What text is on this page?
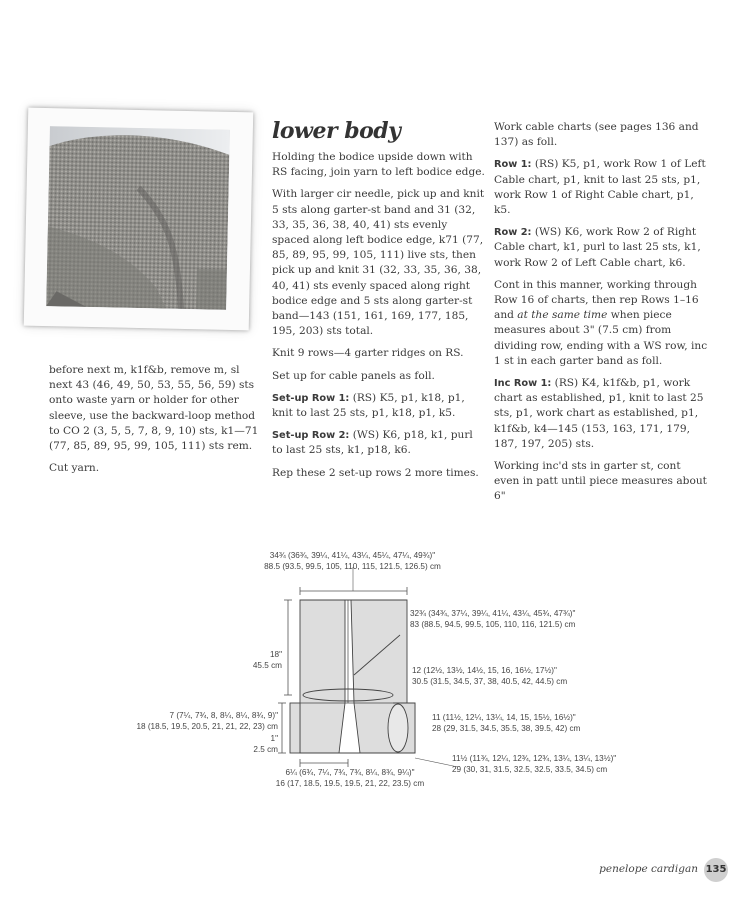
before next m, k1f&b, remove m, sl next 43 (46, 49, 50, 53, 55, 56, 59) sts onto waste yarn or holder for other sleeve, use the backward-loop method to CO 2 (3, 5, 5, 7, 8, 9, 10) sts, k1—71 (77, 85, 89, 95, 99, 105, 111) sts rem.

Cut yarn.

lower body

Holding the bodice upside down with RS facing, join yarn to left bodice edge.

With larger cir needle, pick up and knit 5 sts along garter-st band and 31 (32, 33, 35, 36, 38, 40, 41) sts evenly spaced along left bodice edge, k71 (77, 85, 89, 95, 99, 105, 111) live sts, then pick up and knit 31 (32, 33, 35, 36, 38, 40, 41) sts evenly spaced along right bodice edge and 5 sts along garter-st band—143 (151, 161, 169, 177, 185, 195, 203) sts total.

Knit 9 rows—4 garter ridges on RS.

Set up for cable panels as foll.

Set-up Row 1: (RS) K5, p1, k18, p1, knit to last 25 sts, p1, k18, p1, k5.

Set-up Row 2: (WS) K6, p18, k1, purl to last 25 sts, k1, p18, k6.

Rep these 2 set-up rows 2 more times.

Work cable charts (see pages 136 and 137) as foll.

Row 1: (RS) K5, p1, work Row 1 of Left Cable chart, p1, knit to last 25 sts, p1, work Row 1 of Right Cable chart, p1, k5.

Row 2: (WS) K6, work Row 2 of Right Cable chart, k1, purl to last 25 sts, k1, work Row 2 of Left Cable chart, k6.

Cont in this manner, working through Row 16 of charts, then rep Rows 1–16 and at the same time when piece measures about 3" (7.5 cm) from dividing row, ending with a WS row, inc 1 st in each garter band as foll.

Inc Row 1: (RS) K4, k1f&b, p1, work chart as established, p1, knit to last 25 sts, p1, work chart as established, p1, k1f&b, k4—145 (153, 163, 171, 179, 187, 197, 205) sts.

Working inc'd sts in garter st, cont even in patt until piece measures about 6"

34¾ (36¾, 39¼, 41¼, 43¼, 45¼, 47¼, 49¾)"
88.5 (93.5, 99.5, 105, 110, 115, 121.5, 126.5) cm
32¾ (34¾, 37¼, 39¼, 41¼, 43¼, 45¾, 47¾)"
83 (88.5, 94.5, 99.5, 105, 110, 116, 121.5) cm
18"
45.5 cm
12 (12½, 13½, 14½, 15, 16, 16½, 17½)"
30.5 (31.5, 34.5, 37, 38, 40.5, 42, 44.5) cm
7 (7¼, 7¾, 8, 8¼, 8¼, 8¾, 9)"
18 (18.5, 19.5, 20.5, 21, 21, 22, 23) cm
11 (11½, 12¼, 13¼, 14, 15, 15½, 16½)"
28 (29, 31.5, 34.5, 35.5, 38, 39.5, 42) cm
1"
2.5 cm
11½ (11¾, 12¼, 12¾, 12¾, 13¼, 13¼, 13½)"
29 (30, 31, 31.5, 32.5, 32.5, 33.5, 34.5) cm
6¼ (6¾, 7¼, 7¾, 7¾, 8¼, 8¾, 9¼)"
16 (17, 18.5, 19.5, 19.5, 21, 22, 23.5) cm
penelope cardigan 135
